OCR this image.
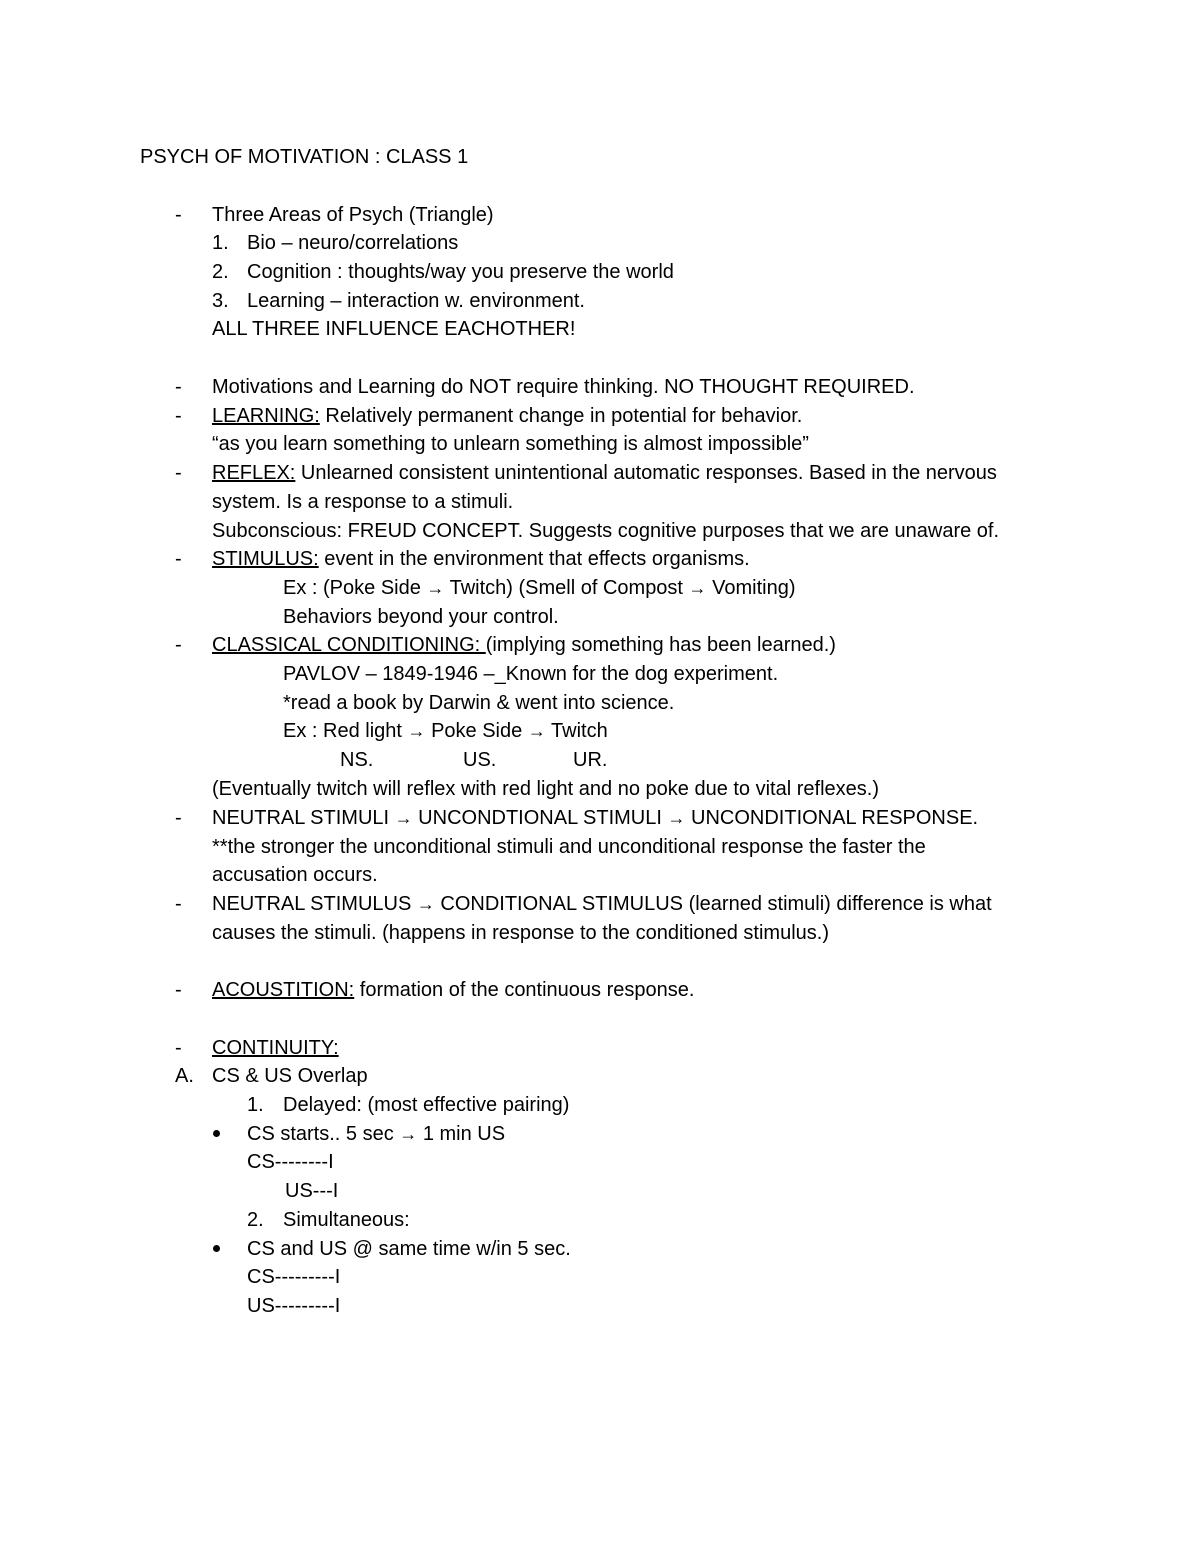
PSYCH OF MOTIVATION : CLASS 1
- Three Areas of Psych (Triangle)
1. Bio – neuro/correlations
2. Cognition : thoughts/way you preserve the world
3. Learning – interaction w. environment.
ALL THREE INFLUENCE EACHOTHER!
- Motivations and Learning do NOT require thinking. NO THOUGHT REQUIRED.
- LEARNING: Relatively permanent change in potential for behavior.
“as you learn something to unlearn something is almost impossible”
- REFLEX: Unlearned consistent unintentional automatic responses. Based in the nervous
system. Is a response to a stimuli.
Subconscious: FREUD CONCEPT. Suggests cognitive purposes that we are unaware of.
- STIMULUS: event in the environment that effects organisms.
Ex : (Poke Side → Twitch) (Smell of Compost → Vomiting)
Behaviors beyond your control.
- CLASSICAL CONDITIONING: (implying something has been learned.)
PAVLOV – 1849-1946 –_Known for the dog experiment.
*read a book by Darwin & went into science.
Ex : Red light → Poke Side → Twitch
NS.	US.	UR.
(Eventually twitch will reflex with red light and no poke due to vital reflexes.)
- NEUTRAL STIMULI → UNCONDTIONAL STIMULI → UNCONDITIONAL RESPONSE.
**the stronger the unconditional stimuli and unconditional response the faster the
accusation occurs.
- NEUTRAL STIMULUS → CONDITIONAL STIMULUS (learned stimuli) difference is what
causes the stimuli. (happens in response to the conditioned stimulus.)
- ACOUSTITION: formation of the continuous response.
- CONTINUITY:
A. CS & US Overlap
1. Delayed: (most effective pairing)
CS starts.. 5 sec → 1 min US
CS--------I
US---I
2. Simultaneous:
CS and US @ same time w/in 5 sec.
CS---------I
US---------I
